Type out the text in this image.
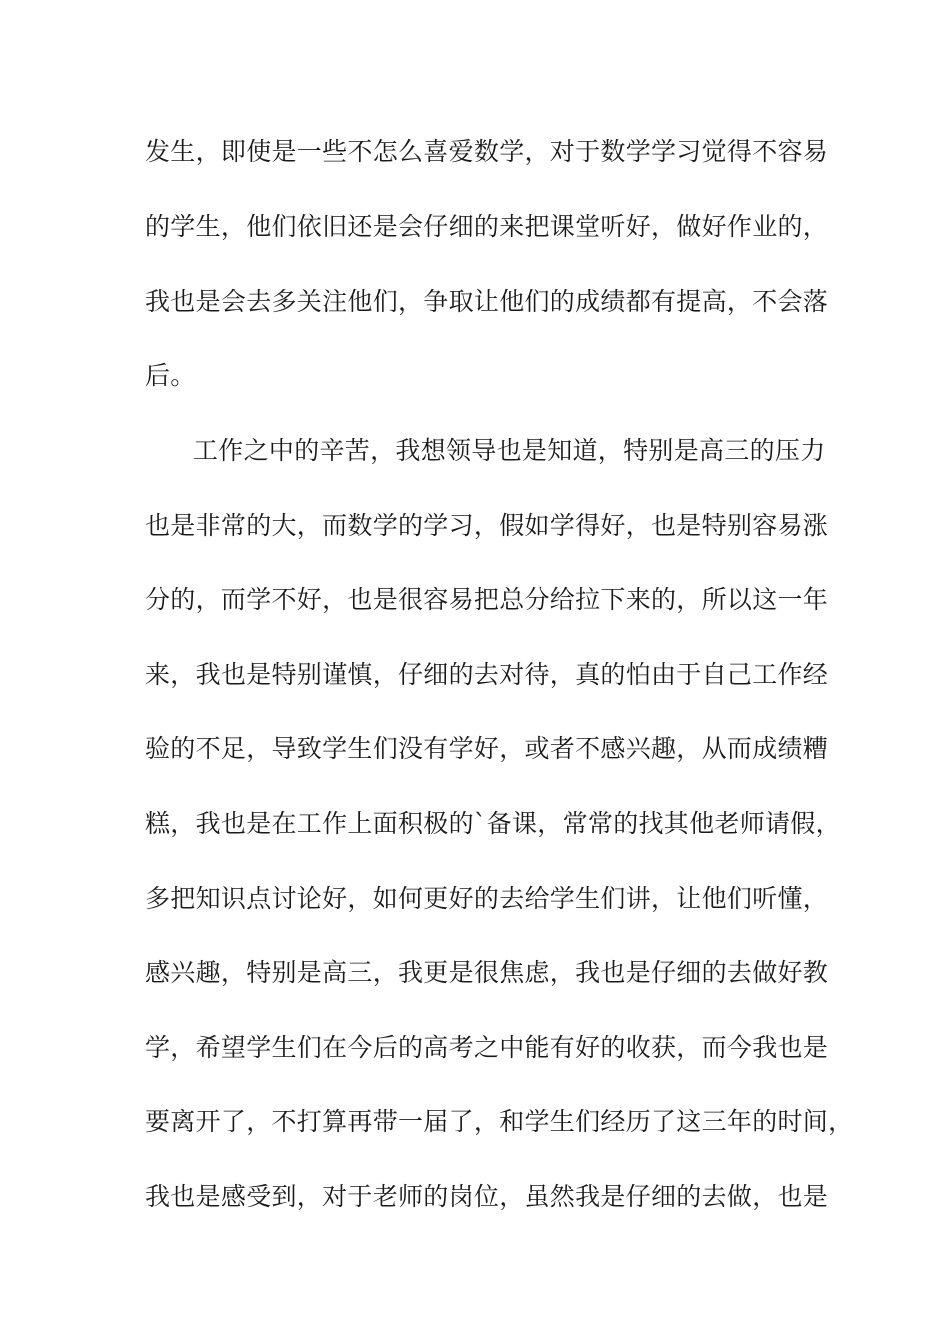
发生，即使是一些不怎么喜爱数学，对于数学学习觉得不容易
的学生，他们依旧还是会仔细的来把课堂听好，做好作业的，
我也是会去多关注他们，争取让他们的成绩都有提高，不会落
后。
工作之中的辛苦，我想领导也是知道，特别是高三的压力
也是非常的大，而数学的学习，假如学得好，也是特别容易涨
分的，而学不好，也是很容易把总分给拉下来的，所以这一年
来，我也是特别谨慎，仔细的去对待，真的怕由于自己工作经
验的不足，导致学生们没有学好，或者不感兴趣，从而成绩糟
糕，我也是在工作上面积极的`备课，常常的找其他老师请假，
多把知识点讨论好，如何更好的去给学生们讲，让他们听懂，
感兴趣，特别是高三，我更是很焦虑，我也是仔细的去做好教
学，希望学生们在今后的高考之中能有好的收获，而今我也是
要离开了，不打算再带一届了，和学生们经历了这三年的时间，
我也是感受到，对于老师的岗位，虽然我是仔细的去做，也是
